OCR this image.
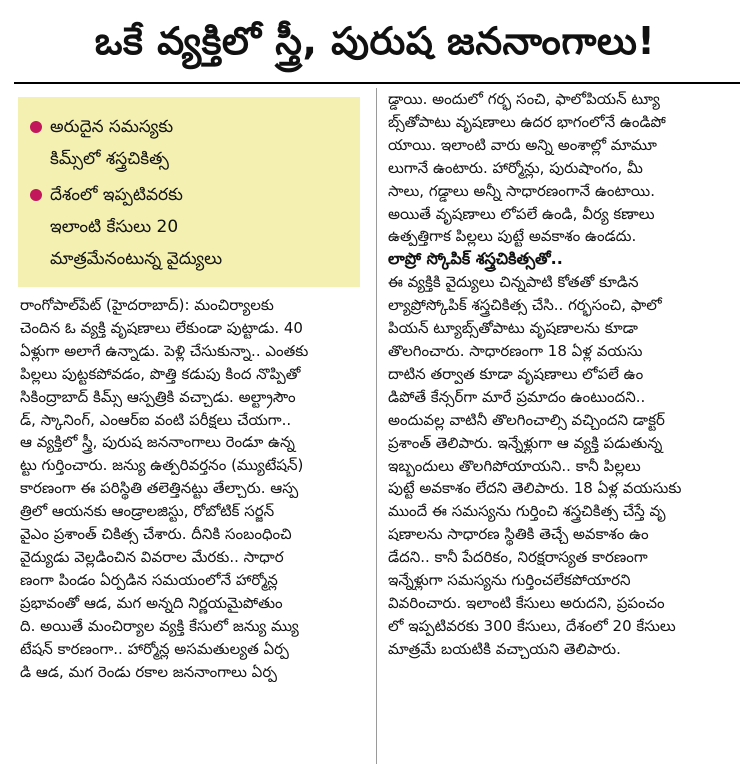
ఒకే వ్యక్తిలో స్త్రీ, పురుష జననాంగాలు!
అరుదైన సమస్యకు
కిమ్స్‌లో శస్త్రచికిత్స
దేశంలో ఇప్పటివరకు
ఇలాంటి కేసులు 20
మాత్రమేనంటున్న వైద్యులు
రాంగోపాల్‌పేట్ (హైదరాబాద్): మంచిర్యాలకు
చెందిన ఓ వ్యక్తి వృషణాలు లేకుండా పుట్టాడు. 40
ఏళ్లుగా అలాగే ఉన్నాడు. పెళ్లి చేసుకున్నా.. ఎంతకు
పిల్లలు పుట్టకపోవడం, పొత్తి కడుపు కింద నొప్పితో
సికింద్రాబాద్ కిమ్స్ ఆస్పత్రికి వచ్చాడు. అల్ట్రాసౌం
డ్, స్కానింగ్, ఎంఆర్ఐ వంటి పరీక్షలు చేయగా..
ఆ వ్యక్తిలో స్త్రీ, పురుష జననాంగాలు రెండూ ఉన్న
ట్టు గుర్తించారు. జన్యు ఉత్పరివర్తనం (మ్యుటేషన్)
కారణంగా ఈ పరిస్థితి తలెత్తినట్టు తేల్చారు. ఆస్ప
త్రిలో ఆయనకు ఆండ్రాలజిస్టు, రోబోటిక్ సర్జన్
వైఎం ప్రశాంత్ చికిత్స చేశారు. దీనికి సంబంధించి
వైద్యుడు వెల్లడించిన వివరాల మేరకు.. సాధార
ణంగా పిండం ఏర్పడిన సమయంలోనే హార్మోన్ల
ప్రభావంతో ఆడ, మగ అన్నది నిర్ణయమైపోతుం
ది. అయితే మంచిర్యాల వ్యక్తి కేసులో జన్యు మ్యు
టేషన్ కారణంగా.. హార్మోన్ల అసమతుల్యత ఏర్ప
డి ఆడ, మగ రెండు రకాల జననాంగాలు ఏర్ప
డ్డాయి. అందులో గర్భ సంచి, ఫాలోపియన్ ట్యూ
బ్స్‌తోపాటు వృషణాలు ఉదర భాగంలోనే ఉండిపో
యాయి. ఇలాంటి వారు అన్ని అంశాల్లో మామూ
లుగానే ఉంటారు. హార్మోన్లు, పురుషాంగం, మీ
సాలు, గడ్డాలు అన్నీ సాధారణంగానే ఉంటాయి.
అయితే వృషణాలు లోపలే ఉండి, వీర్య కణాలు
ఉత్పత్తిగాక పిల్లలు పుట్టే అవకాశం ఉండదు.
లాప్రో స్కోపిక్ శస్త్రచికిత్సతో..
ఈ వ్యక్తికి వైద్యులు చిన్నపాటి కోతతో కూడిన
ల్యాప్రోస్కోపిక్ శస్త్రచికిత్స చేసి.. గర్భసంచి, ఫాలో
పియన్ ట్యూబ్స్‌తోపాటు వృషణాలను కూడా
తొలగించారు. సాధారణంగా 18 ఏళ్ల వయసు
దాటిన తర్వాత కూడా వృషణాలు లోపలే ఉం
డిపోతే కేన్సర్‌గా మారే ప్రమాదం ఉంటుందని..
అందువల్ల వాటినీ తొలగించాల్సి వచ్చిందని డాక్టర్
ప్రశాంత్ తెలిపారు. ఇన్నేళ్లుగా ఆ వ్యక్తి పడుతున్న
ఇబ్బందులు తొలగిపోయాయని.. కానీ పిల్లలు
పుట్టే అవకాశం లేదని తెలిపారు. 18 ఏళ్ల వయసుకు
ముందే ఈ సమస్యను గుర్తించి శస్త్రచికిత్స చేస్తే వృ
షణాలను సాధారణ స్థితికి తెచ్చే అవకాశం ఉం
డేదని.. కానీ పేదరికం, నిరక్షరాస్యత కారణంగా
ఇన్నేళ్లుగా సమస్యను గుర్తించలేకపోయారని
వివరించారు. ఇలాంటి కేసులు అరుదని, ప్రపంచం
లో ఇప్పటివరకు 300 కేసులు, దేశంలో 20 కేసులు
మాత్రమే బయటికి వచ్చాయని తెలిపారు.
